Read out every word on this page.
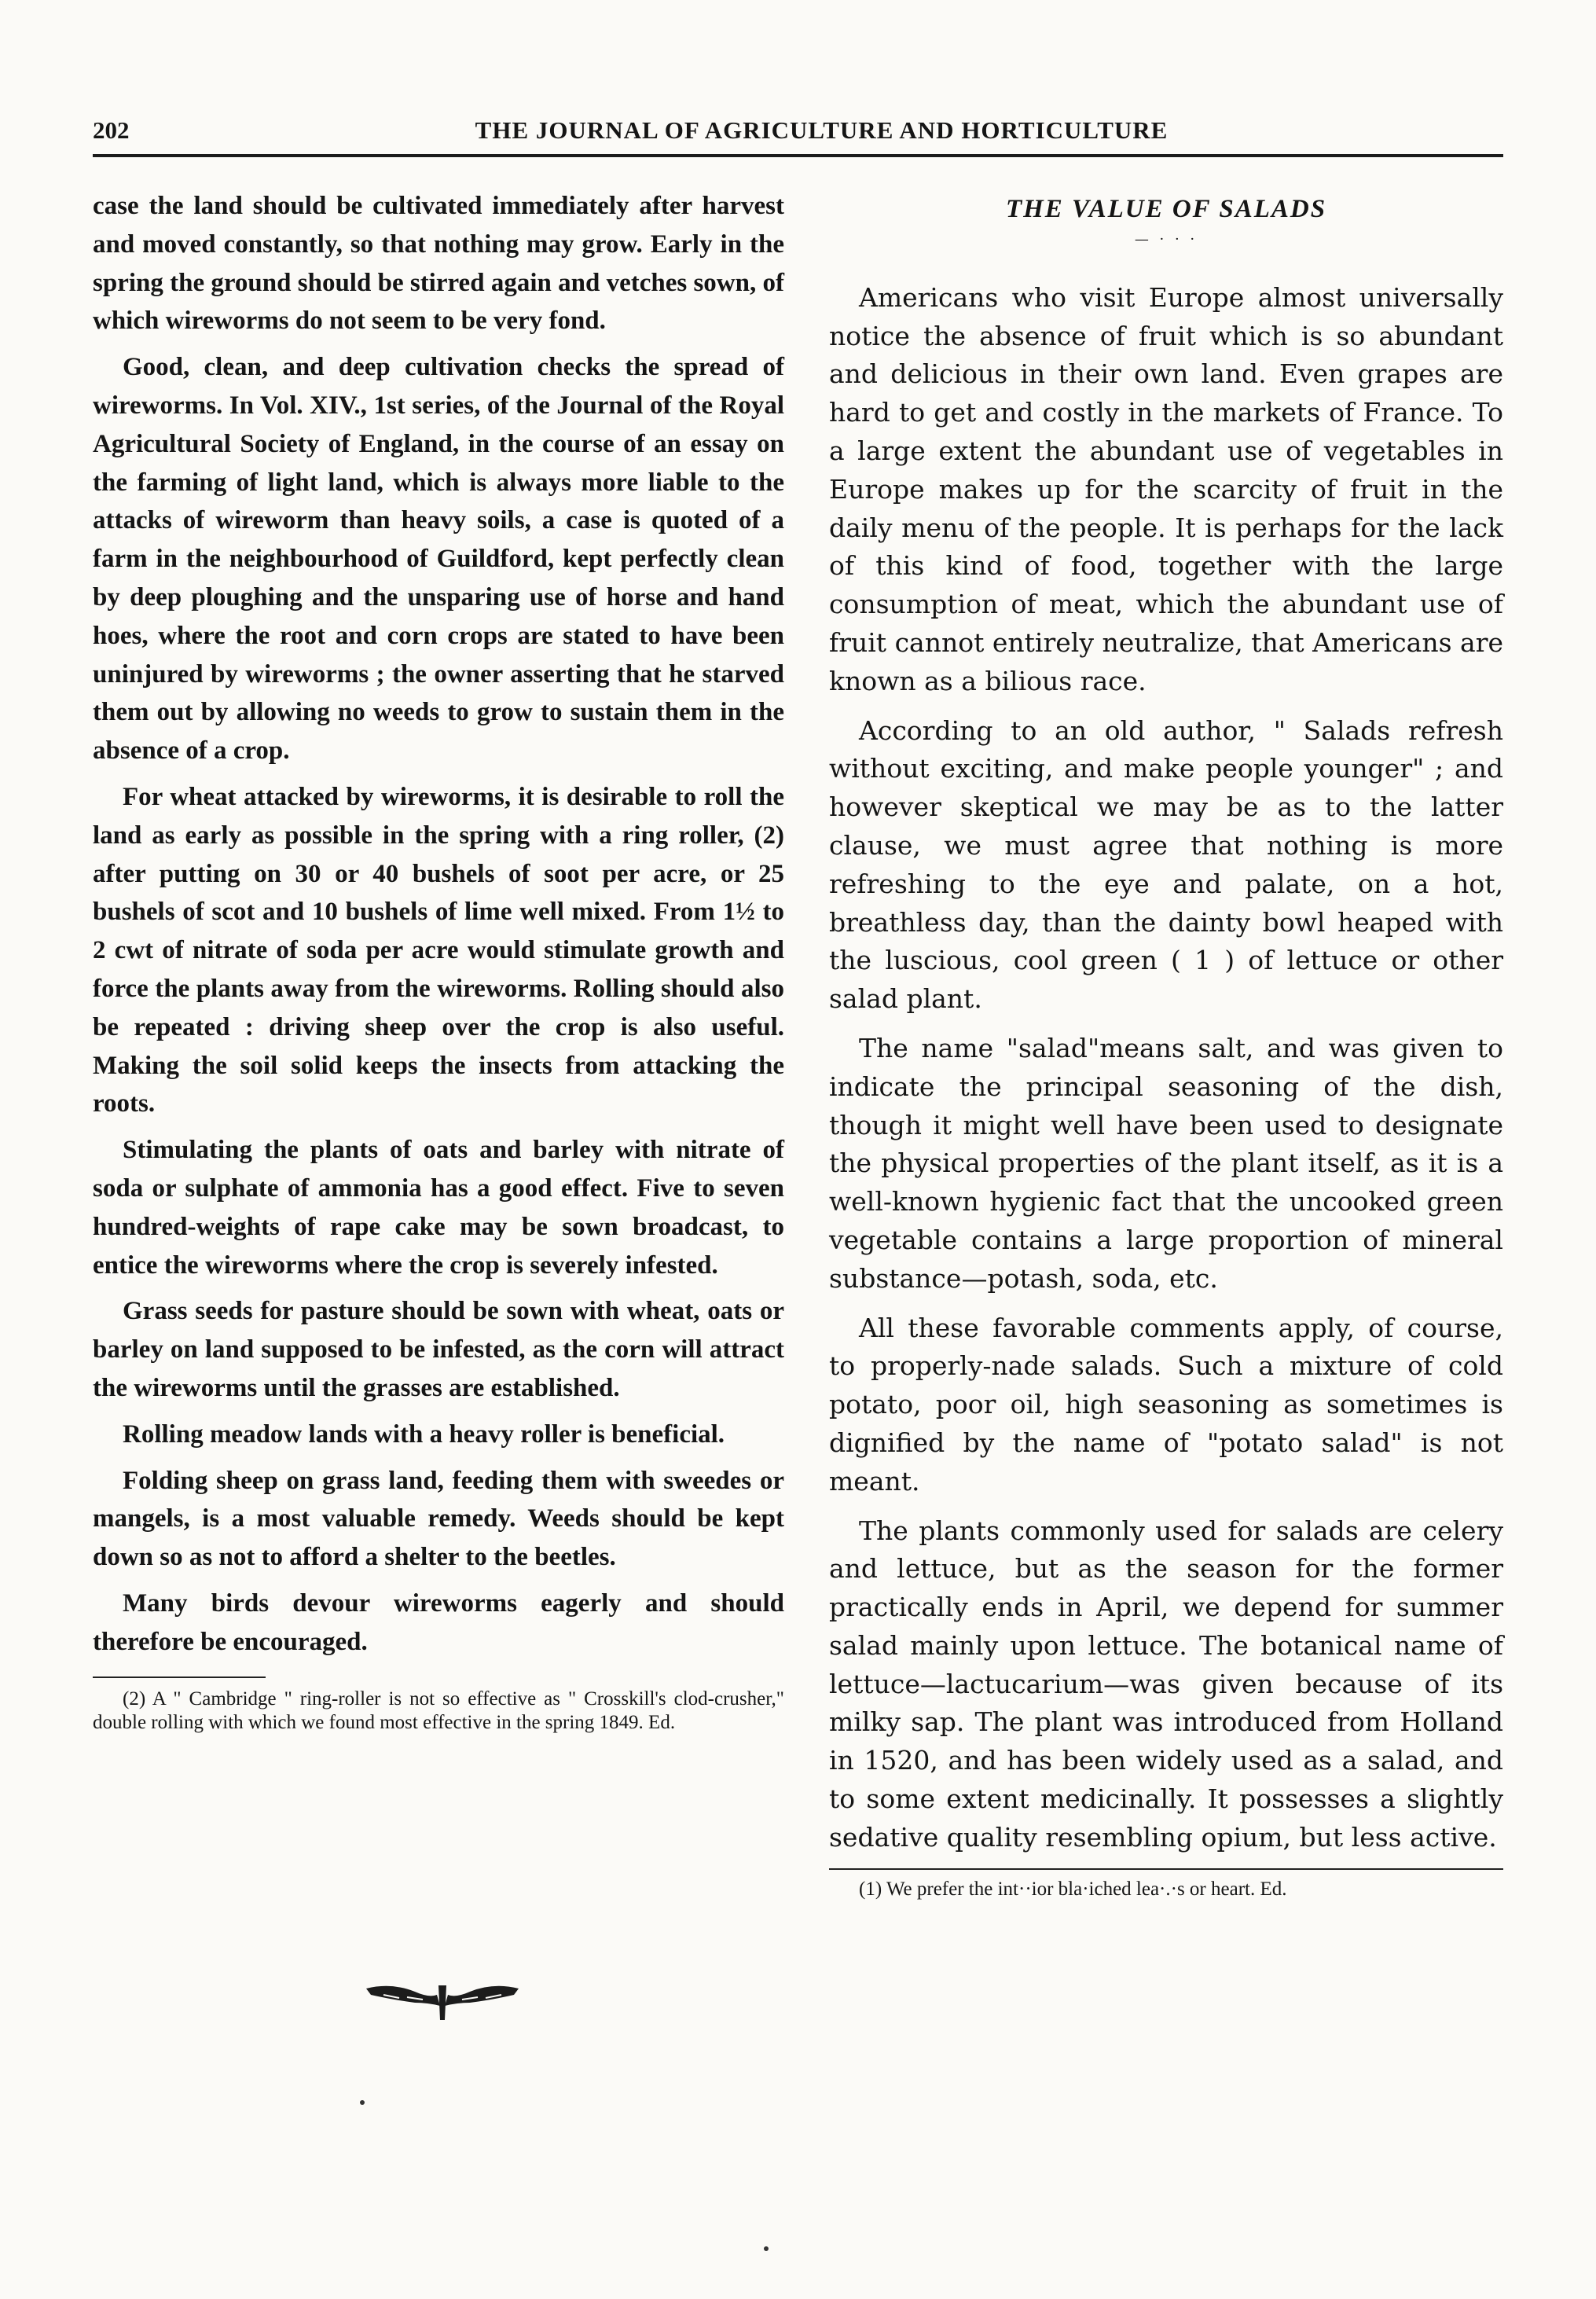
202	THE JOURNAL OF AGRICULTURE AND HORTICULTURE

case the land should be cultivated immediately after harvest and moved constantly, so that nothing may grow. Early in the spring the ground should be stirred again and vetches sown, of which wireworms do not seem to be very fond.

Good, clean, and deep cultivation checks the spread of wireworms. In Vol. XIV., 1st series, of the Journal of the Royal Agricultural Society of England, in the course of an essay on the farming of light land, which is always more liable to the attacks of wireworm than heavy soils, a case is quoted of a farm in the neighbourhood of Guildford, kept perfectly clean by deep ploughing and the unsparing use of horse and hand hoes, where the root and corn crops are stated to have been uninjured by wireworms ; the owner asserting that he starved them out by allowing no weeds to grow to sustain them in the absence of a crop.

For wheat attacked by wireworms, it is desirable to roll the land as early as possible in the spring with a ring roller, (2) after putting on 30 or 40 bushels of soot per acre, or 25 bushels of scot and 10 bushels of lime well mixed. From 1½ to 2 cwt of nitrate of soda per acre would stimulate growth and force the plants away from the wireworms. Rolling should also be repeated : driving sheep over the crop is also useful. Making the soil solid keeps the insects from attacking the roots.

Stimulating the plants of oats and barley with nitrate of soda or sulphate of ammonia has a good effect. Five to seven hundred-weights of rape cake may be sown broadcast, to entice the wireworms where the crop is severely infested.

Grass seeds for pasture should be sown with wheat, oats or barley on land supposed to be infested, as the corn will attract the wireworms until the grasses are established.

Rolling meadow lands with a heavy roller is beneficial.

Folding sheep on grass land, feeding them with sweedes or mangels, is a most valuable remedy. Weeds should be kept down so as not to afford a shelter to the beetles.

Many birds devour wireworms eagerly and should therefore be encouraged.

(2) A " Cambridge " ring-roller is not so effective as " Crosskill's clod-crusher," double rolling with which we found most effective in the spring 1849. Ed.

THE VALUE OF SALADS
— · · ·

Americans who visit Europe almost universally notice the absence of fruit which is so abundant and delicious in their own land. Even grapes are hard to get and costly in the markets of France. To a large extent the abundant use of vegetables in Europe makes up for the scarcity of fruit in the daily menu of the people. It is perhaps for the lack of this kind of food, together with the large consumption of meat, which the abundant use of fruit cannot entirely neutralize, that Americans are known as a bilious race.

According to an old author, " Salads refresh without exciting, and make people younger" ; and however skeptical we may be as to the latter clause, we must agree that nothing is more refreshing to the eye and palate, on a hot, breathless day, than the dainty bowl heaped with the luscious, cool green ( 1 ) of lettuce or other salad plant.

The name "salad"means salt, and was given to indicate the principal seasoning of the dish, though it might well have been used to designate the physical properties of the plant itself, as it is a well-known hygienic fact that the uncooked green vegetable contains a large proportion of mineral substance—potash, soda, etc.

All these favorable comments apply, of course, to properly-nade salads. Such a mixture of cold potato, poor oil, high seasoning as sometimes is dignified by the name of "potato salad" is not meant.

The plants commonly used for salads are celery and lettuce, but as the season for the former practically ends in April, we depend for summer salad mainly upon lettuce. The botanical name of lettuce—lactucarium—was given because of its milky sap. The plant was introduced from Holland in 1520, and has been widely used as a salad, and to some extent medicinally. It possesses a slightly sedative quality resembling opium, but less active.

(1) We prefer the int··ior bla·iched lea·.·s or heart. Ed.
